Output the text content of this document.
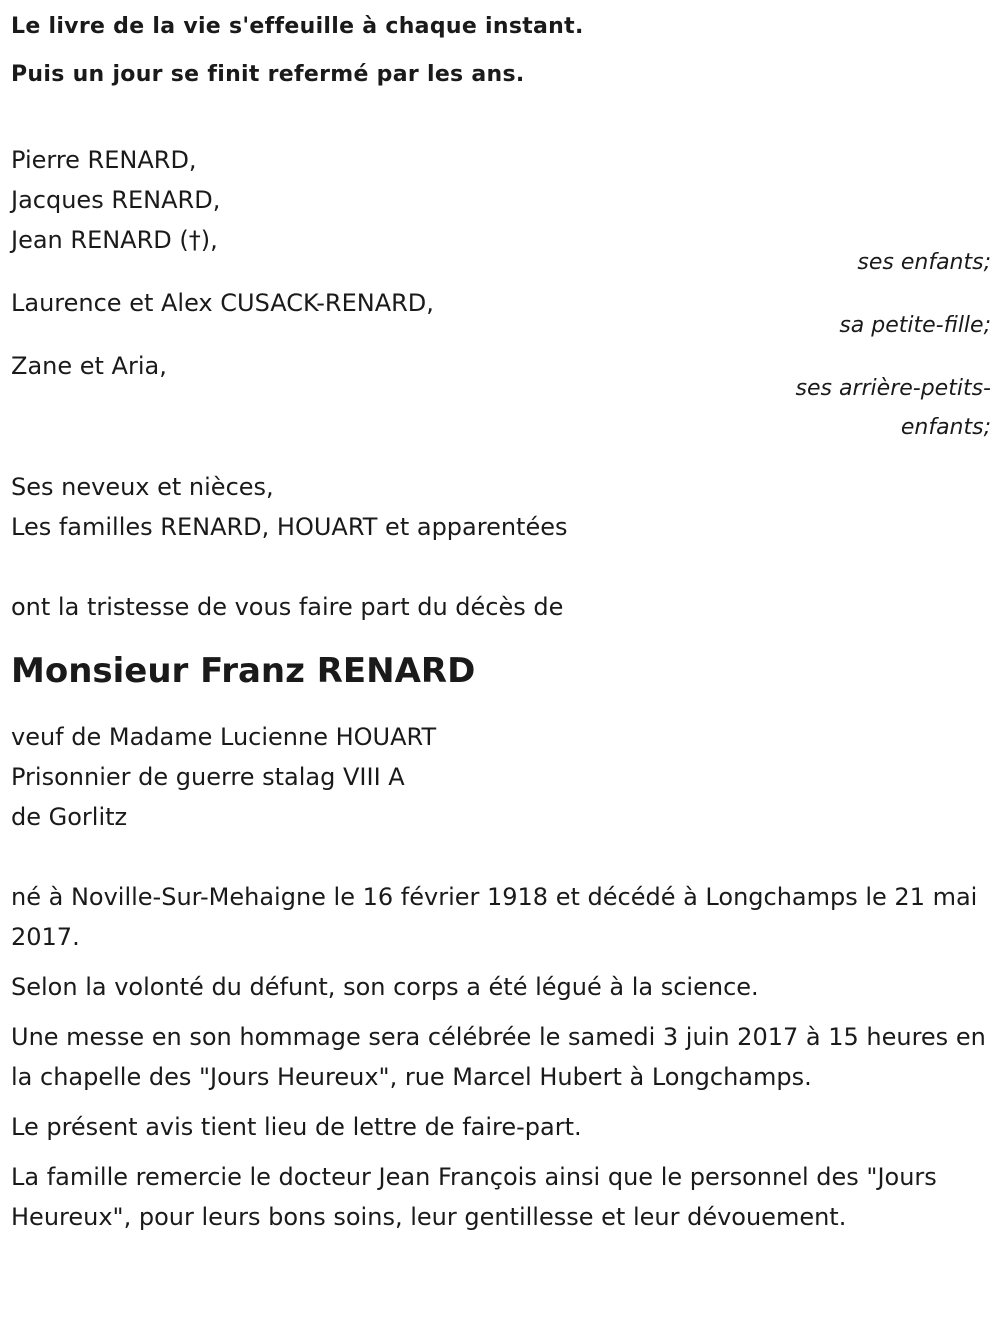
Le livre de la vie s'effeuille à chaque instant.

Puis un jour se finit refermé par les ans.

Pierre RENARD,

Jacques RENARD,

Jean RENARD (†),

ses enfants;

Laurence et Alex CUSACK-RENARD,

sa petite-fille;

Zane et Aria,

ses arrière-petits-enfants;

Ses neveux et nièces,

Les familles RENARD, HOUART et apparentées

ont la tristesse de vous faire part du décès de

Monsieur Franz RENARD

veuf de Madame Lucienne HOUART

Prisonnier de guerre stalag VIII A

de Gorlitz

né à Noville-Sur-Mehaigne le 16 février 1918 et décédé à Longchamps le 21 mai 2017.

Selon la volonté du défunt, son corps a été légué à la science.

Une messe en son hommage sera célébrée le samedi 3 juin 2017 à 15 heures en la chapelle des "Jours Heureux", rue Marcel Hubert à Longchamps.

Le présent avis tient lieu de lettre de faire-part.

La famille remercie le docteur Jean François ainsi que le personnel des "Jours Heureux", pour leurs bons soins, leur gentillesse et leur dévouement.
